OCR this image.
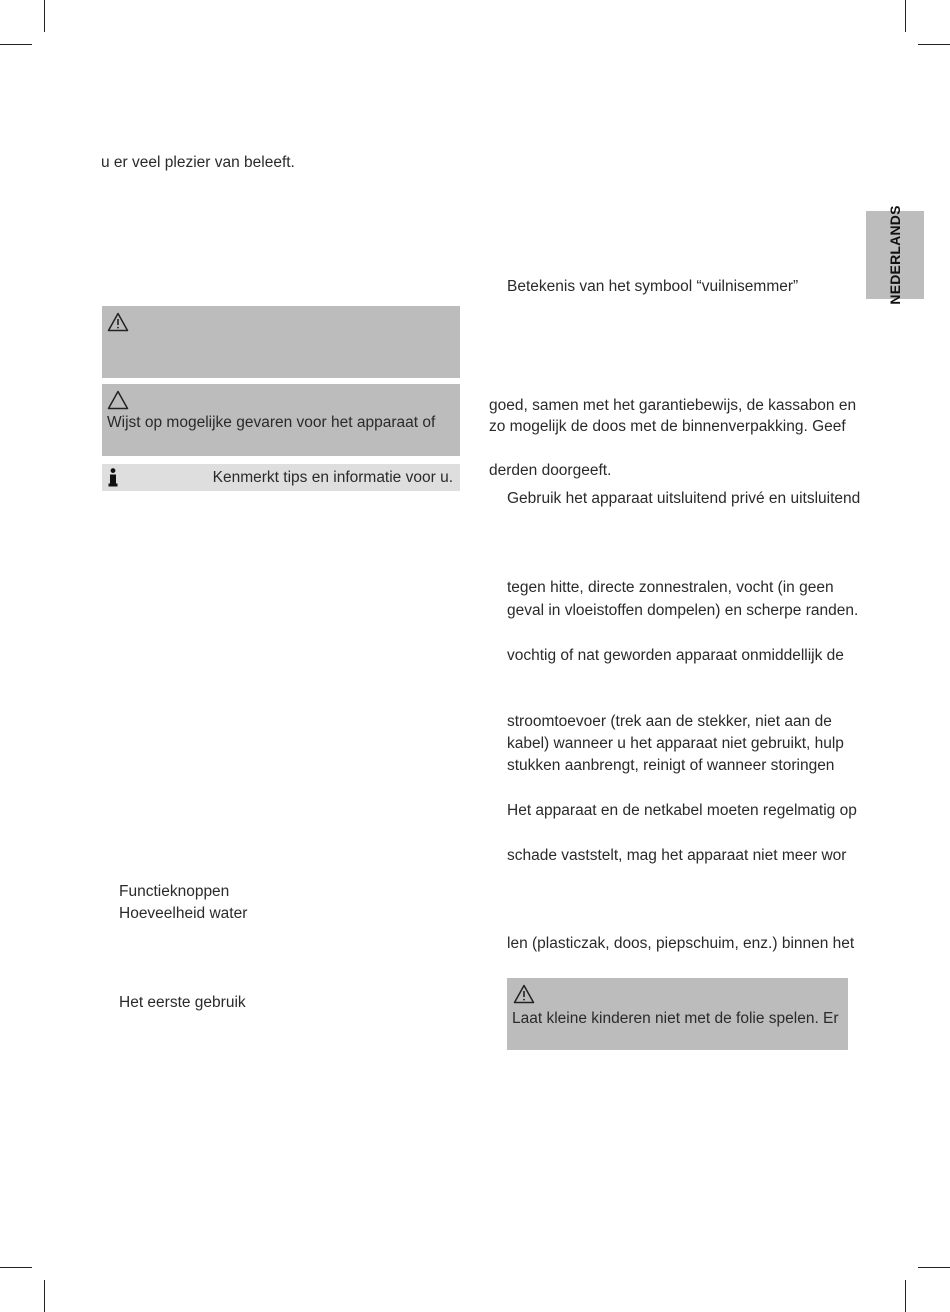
NEDERLANDS
u er veel plezier van beleeft.
Wijst op mogelijke gevaren voor het apparaat of
Kenmerkt tips en informatie voor u.
Functieknoppen
Hoeveelheid water
Het eerste gebruik
Betekenis van het symbool “vuilnisemmer”
goed, samen met het garantiebewijs, de kassabon en
zo mogelijk de doos met de binnenverpakking. Geef
derden doorgeeft.
Gebruik het apparaat uitsluitend privé en uitsluitend
tegen hitte, directe zonnestralen, vocht (in geen
geval in vloeistoffen dompelen) en scherpe randen.
vochtig of nat geworden apparaat onmiddellijk de
stroomtoevoer (trek aan de stekker, niet aan de
kabel) wanneer u het apparaat niet gebruikt, hulp
stukken aanbrengt, reinigt of wanneer storingen
Het apparaat en de netkabel moeten regelmatig op
schade vaststelt, mag het apparaat niet meer wor
len (plasticzak, doos, piepschuim, enz.) binnen het
Laat kleine kinderen niet met de folie spelen. Er
